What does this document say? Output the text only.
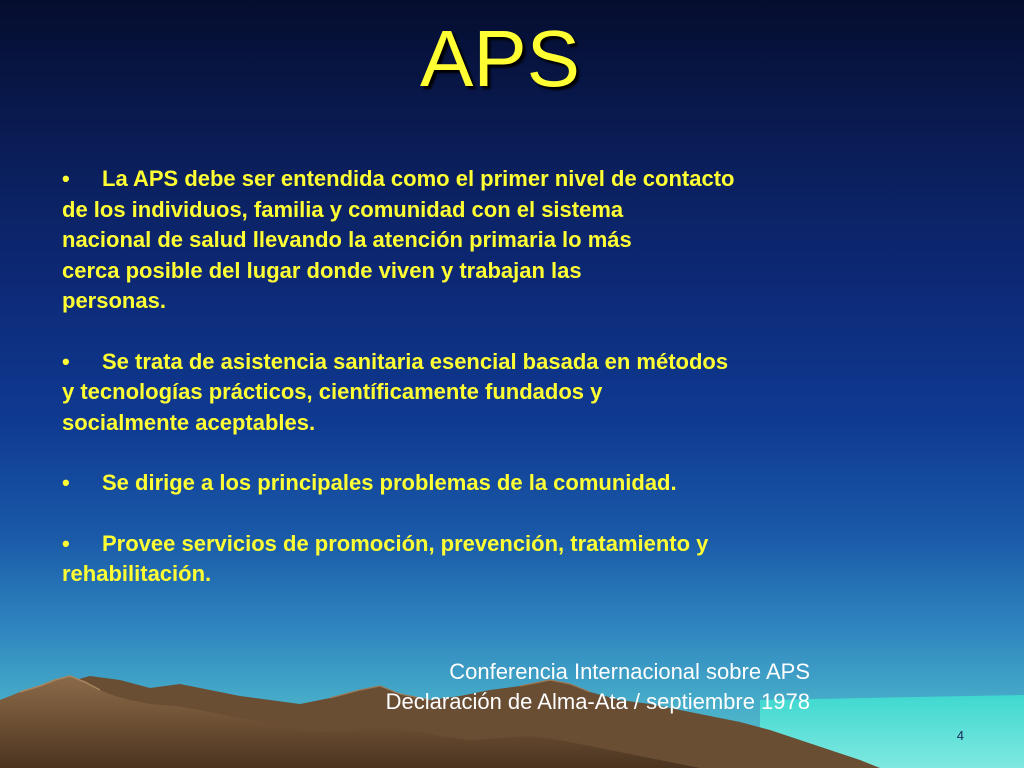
APS
• La APS debe ser entendida como el primer nivel de contacto
de los individuos, familia y comunidad con el sistema
nacional de salud llevando la atención primaria lo más
cerca posible del lugar donde viven y trabajan las
personas.
• Se trata de asistencia sanitaria esencial basada en métodos
y tecnologías prácticos, científicamente fundados y
socialmente aceptables.
• Se dirige a los principales problemas de la comunidad.
• Provee servicios de promoción, prevención, tratamiento y
rehabilitación.
Conferencia Internacional sobre APS
Declaración de Alma-Ata / septiembre 1978
4
